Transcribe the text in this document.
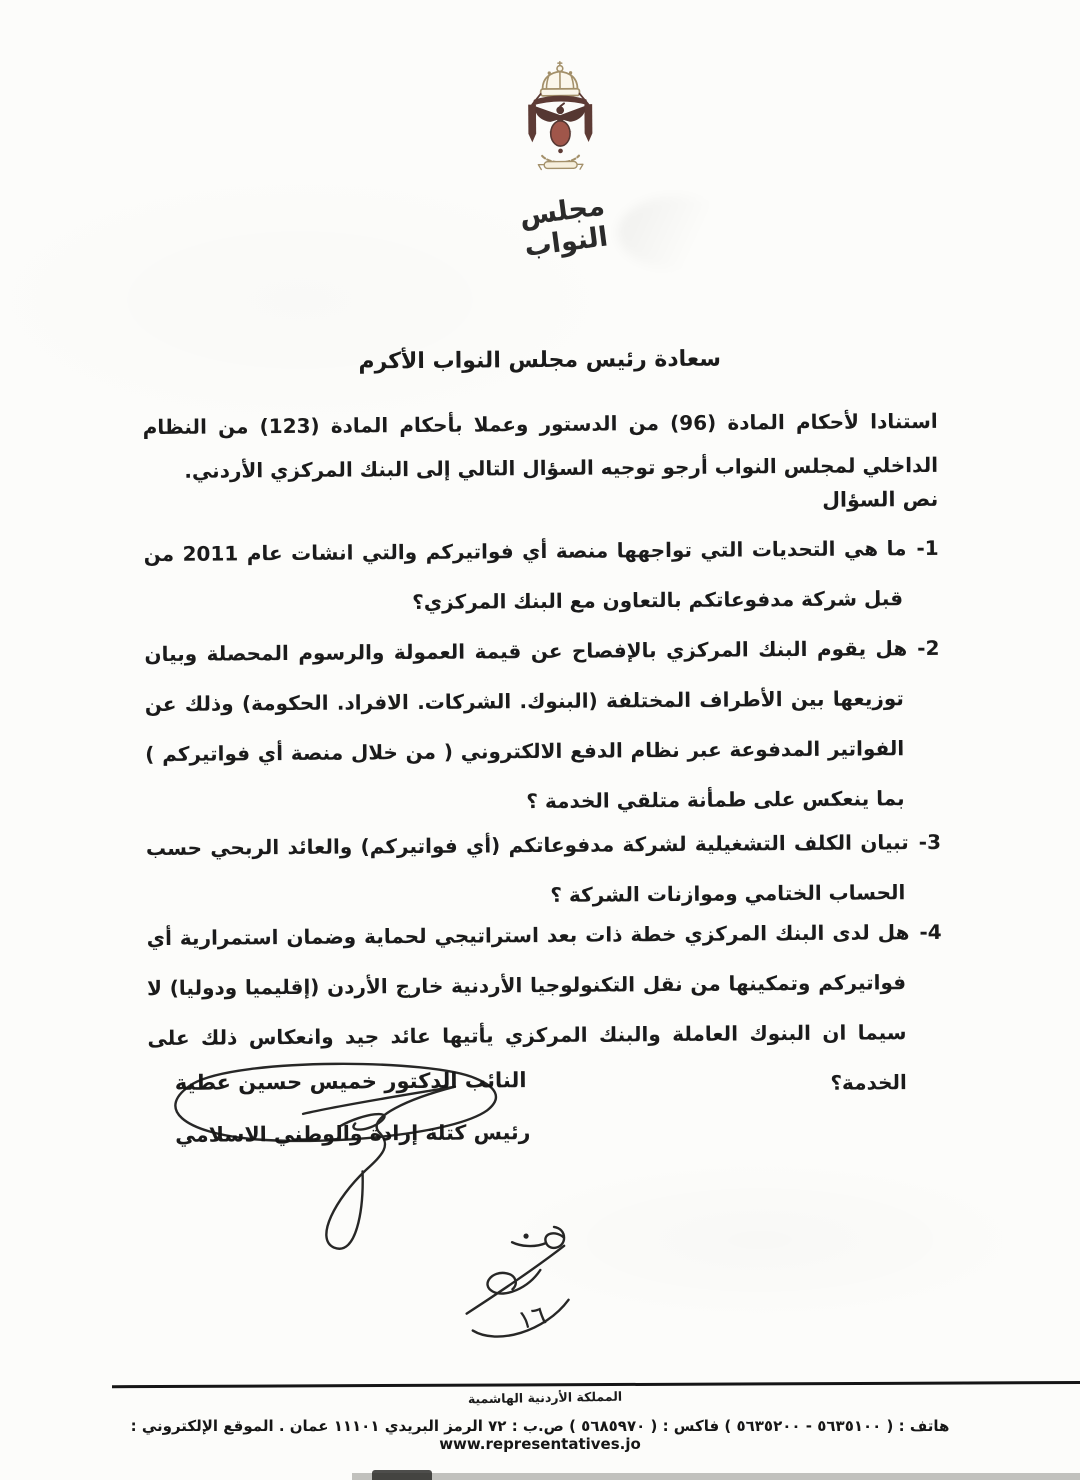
مجلس النواب
سعادة رئيس مجلس النواب الأكرم
استنادا لأحكام المادة (96) من الدستور وعملا بأحكام المادة (123) من النظام الداخلي لمجلس النواب أرجو توجيه السؤال التالي إلى البنك المركزي الأردني.
نص السؤال
1-ما هي التحديات التي تواجهها منصة أي فواتيركم والتي انشات عام 2011 من قبل شركة مدفوعاتكم بالتعاون مع البنك المركزي؟
2-هل يقوم البنك المركزي بالإفصاح عن قيمة العمولة والرسوم المحصلة وبيان توزيعها بين الأطراف المختلفة (البنوك. الشركات. الافراد. الحكومة) وذلك عن الفواتير المدفوعة عبر نظام الدفع الالكتروني ( من خلال منصة أي فواتيركم ) بما ينعكس على طمأنة متلقي الخدمة ؟
3-تبيان الكلف التشغيلية لشركة مدفوعاتكم (أي فواتيركم) والعائد الربحي حسب الحساب الختامي وموازنات الشركة ؟
4-هل لدى البنك المركزي خطة ذات بعد استراتيجي لحماية وضمان استمرارية أي فواتيركم وتمكينها من نقل التكنولوجيا الأردنية خارج الأردن (إقليميا ودوليا) لا سيما ان البنوك العاملة والبنك المركزي يأتيها عائد جيد وانعكاس ذلك على الخدمة؟
النائب الدكتور خميس حسين عطية
رئيس كتلة إرادة والوطني الاسلامي
١٦
المملكة الأردنية الهاشمية
هاتف : ( ٥٦٣٥١٠٠ - ٥٦٣٥٢٠٠ ) فاكس : ( ٥٦٨٥٩٧٠ ) ص.ب : ٧٢ الرمز البريدي ١١١٠١ عمان . الموقع الإلكتروني : www.representatives.jo
